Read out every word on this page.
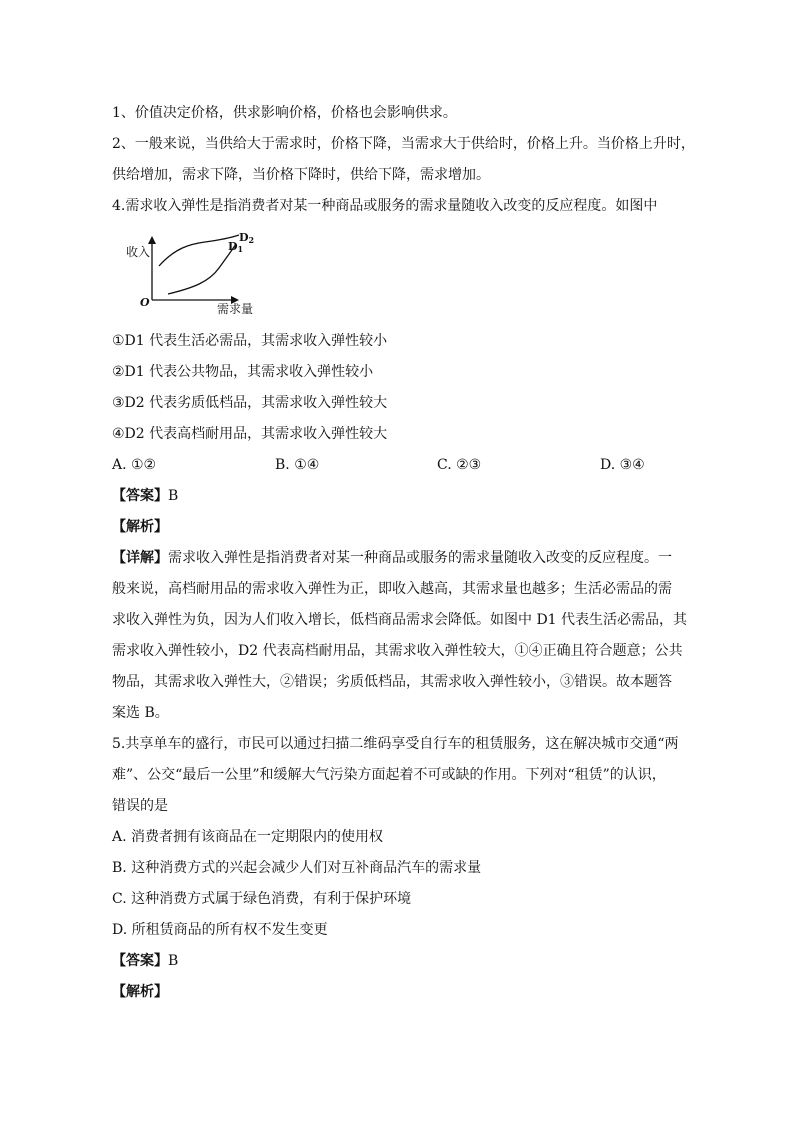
1、价值决定价格，供求影响价格，价格也会影响供求。
2、一般来说，当供给大于需求时，价格下降，当需求大于供给时，价格上升。当价格上升时，
供给增加，需求下降，当价格下降时，供给下降，需求增加。
4.需求收入弹性是指消费者对某一种商品或服务的需求量随收入改变的反应程度。如图中
收入
需求量
O
D2
D1
①D1 代表生活必需品，其需求收入弹性较小
②D1 代表公共物品，其需求收入弹性较小
③D2 代表劣质低档品，其需求收入弹性较大
④D2 代表高档耐用品，其需求收入弹性较大
A. ①②	B. ①④	C. ②③	D. ③④
【答案】B
【解析】
【详解】需求收入弹性是指消费者对某一种商品或服务的需求量随收入改变的反应程度。一
般来说，高档耐用品的需求收入弹性为正，即收入越高，其需求量也越多；生活必需品的需
求收入弹性为负，因为人们收入增长，低档商品需求会降低。如图中 D1 代表生活必需品，其
需求收入弹性较小，D2 代表高档耐用品，其需求收入弹性较大，①④正确且符合题意；公共
物品，其需求收入弹性大，②错误；劣质低档品，其需求收入弹性较小，③错误。故本题答
案选 B。
5.共享单车的盛行，市民可以通过扫描二维码享受自行车的租赁服务，这在解决城市交通“两
难”、公交“最后一公里”和缓解大气污染方面起着不可或缺的作用。下列对“租赁”的认识，
错误的是
A. 消费者拥有该商品在一定期限内的使用权
B. 这种消费方式的兴起会减少人们对互补商品汽车的需求量
C. 这种消费方式属于绿色消费，有利于保护环境
D. 所租赁商品的所有权不发生变更
【答案】B
【解析】
